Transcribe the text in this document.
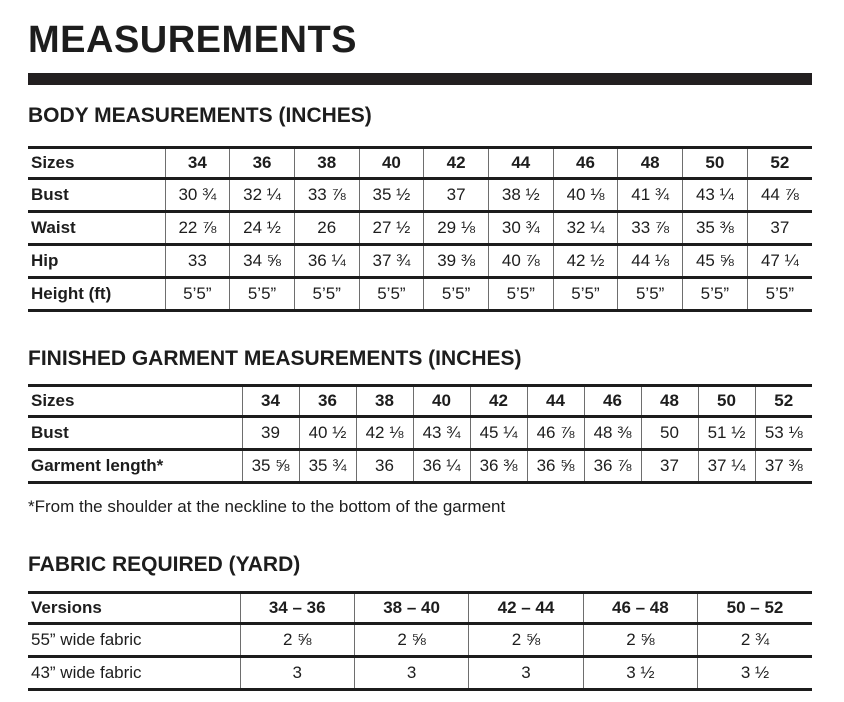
MEASUREMENTS
BODY MEASUREMENTS (INCHES)
Sizes	34	36	38	40	42	44	46	48	50	52
Bust	30 ¾	32 ¼	33 ⅞	35 ½	37	38 ½	40 ⅛	41 ¾	43 ¼	44 ⅞
Waist	22 ⅞	24 ½	26	27 ½	29 ⅛	30 ¾	32 ¼	33 ⅞	35 ⅜	37
Hip	33	34 ⅝	36 ¼	37 ¾	39 ⅜	40 ⅞	42 ½	44 ⅛	45 ⅝	47 ¼
Height (ft)	5’5”	5’5”	5’5”	5’5”	5’5”	5’5”	5’5”	5’5”	5’5”	5’5”
FINISHED GARMENT MEASUREMENTS (INCHES)
Sizes	34	36	38	40	42	44	46	48	50	52
Bust	39	40 ½	42 ⅛	43 ¾	45 ¼	46 ⅞	48 ⅜	50	51 ½	53 ⅛
Garment length*	35 ⅝	35 ¾	36	36 ¼	36 ⅜	36 ⅝	36 ⅞	37	37 ¼	37 ⅜

*From the shoulder at the neckline to the bottom of the garment

FABRIC REQUIRED (YARD)
Versions	34 – 36	38 – 40	42 – 44	46 – 48	50 – 52
55” wide fabric	2 ⅝	2 ⅝	2 ⅝	2 ⅝	2 ¾
43” wide fabric	3	3	3	3 ½	3 ½
